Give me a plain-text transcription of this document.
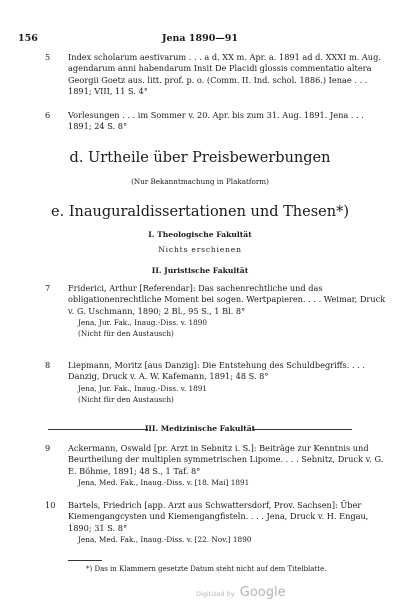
156	Jena 1890—91
5 Index scholarum aestivarum . . . a d. XX m. Apr. a. 1891 ad d. XXXI m. Aug. agendarum anni habendarum Insit De Placidi glossis commentatio altera Georgii Goetz aus. litt. prof. p. o. (Comm. II. Ind. schol. 1886.) Ienae . . . 1891; VIII, 11 S. 4°

6 Vorlesungen . . . im Sommer v. 20. Apr. bis zum 31. Aug. 1891. Jena . . . 1891; 24 S. 8°

d. Urtheile über Preisbewerbungen
(Nur Bekanntmachung in Plakatform)
e. Inauguraldissertationen und Thesen*)
I. Theologische Fakultät
Nichts erschienen
II. Juristische Fakultät
7 Friderici, Arthur [Referendar]: Das sachenrechtliche und das obligationenrechtliche Moment bei sogen. Wertpapieren. . . . Weimar, Druck v. G. Uschmann, 1890; 2 Bl., 95 S., 1 Bl. 8°

Jena, Jur. Fak., Inaug.-Diss. v. 1890

(Nicht für den Austausch)

8 Liepmann, Moritz [aus Danzig]: Die Entstehung des Schuldbegriffs. . . . Danzig, Druck v. A. W. Kafemann, 1891; 48 S. 8°

Jena, Jur. Fak., Inaug.-Diss. v. 1891

(Nicht für den Austausch)

III. Medizinische Fakultät
9 Ackermann, Oswald [pr. Arzt in Sebnitz i. S.]: Beiträge zur Kenntnis und Beurtheilung der multiplen symmetrischen Lipome. . . . Sebnitz, Druck v. G. E. Böhme, 1891; 48 S., 1 Taf. 8°

Jena, Med. Fak., Inaug.-Diss. v. [18. Mai] 1891

10 Bartels, Friedrich [app. Arzt aus Schwattersdorf, Prov. Sachsen]: Über Kiemengangcysten und Kiemengangfisteln. . . . Jena, Druck v. H. Engau, 1890; 31 S. 8°

Jena, Med. Fak., Inaug.-Diss. v. [22. Nov.] 1890

*) Das in Klammern gesetzte Datum steht nicht auf dem Titelblatte.
Digitized by Google
